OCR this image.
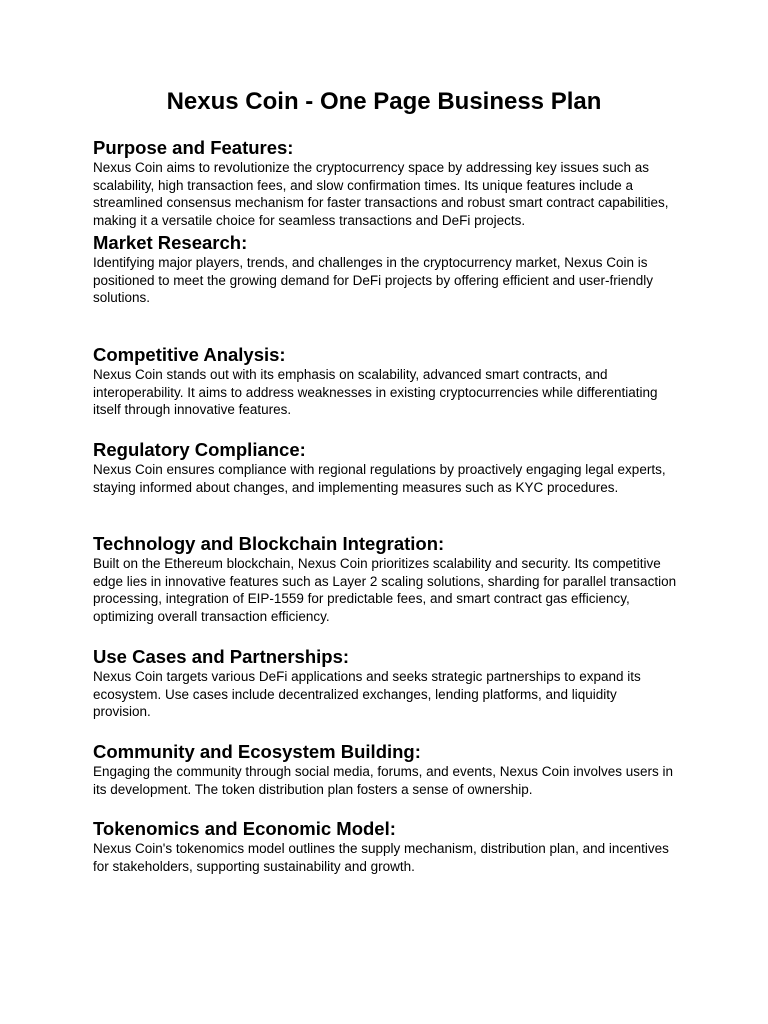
Nexus Coin - One Page Business Plan
Purpose and Features:

Nexus Coin aims to revolutionize the cryptocurrency space by addressing key issues such as scalability, high transaction fees, and slow confirmation times. Its unique features include a streamlined consensus mechanism for faster transactions and robust smart contract capabilities, making it a versatile choice for seamless transactions and DeFi projects.

Market Research:

Identifying major players, trends, and challenges in the cryptocurrency market, Nexus Coin is positioned to meet the growing demand for DeFi projects by offering efficient and user-friendly solutions.

Competitive Analysis:

Nexus Coin stands out with its emphasis on scalability, advanced smart contracts, and interoperability. It aims to address weaknesses in existing cryptocurrencies while differentiating itself through innovative features.

Regulatory Compliance:

Nexus Coin ensures compliance with regional regulations by proactively engaging legal experts, staying informed about changes, and implementing measures such as KYC procedures.

Technology and Blockchain Integration:

Built on the Ethereum blockchain, Nexus Coin prioritizes scalability and security. Its competitive edge lies in innovative features such as Layer 2 scaling solutions, sharding for parallel transaction processing, integration of EIP-1559 for predictable fees, and smart contract gas efficiency, optimizing overall transaction efficiency.

Use Cases and Partnerships:

Nexus Coin targets various DeFi applications and seeks strategic partnerships to expand its ecosystem. Use cases include decentralized exchanges, lending platforms, and liquidity provision.

Community and Ecosystem Building:

Engaging the community through social media, forums, and events, Nexus Coin involves users in its development. The token distribution plan fosters a sense of ownership.

Tokenomics and Economic Model:

Nexus Coin's tokenomics model outlines the supply mechanism, distribution plan, and incentives for stakeholders, supporting sustainability and growth.
